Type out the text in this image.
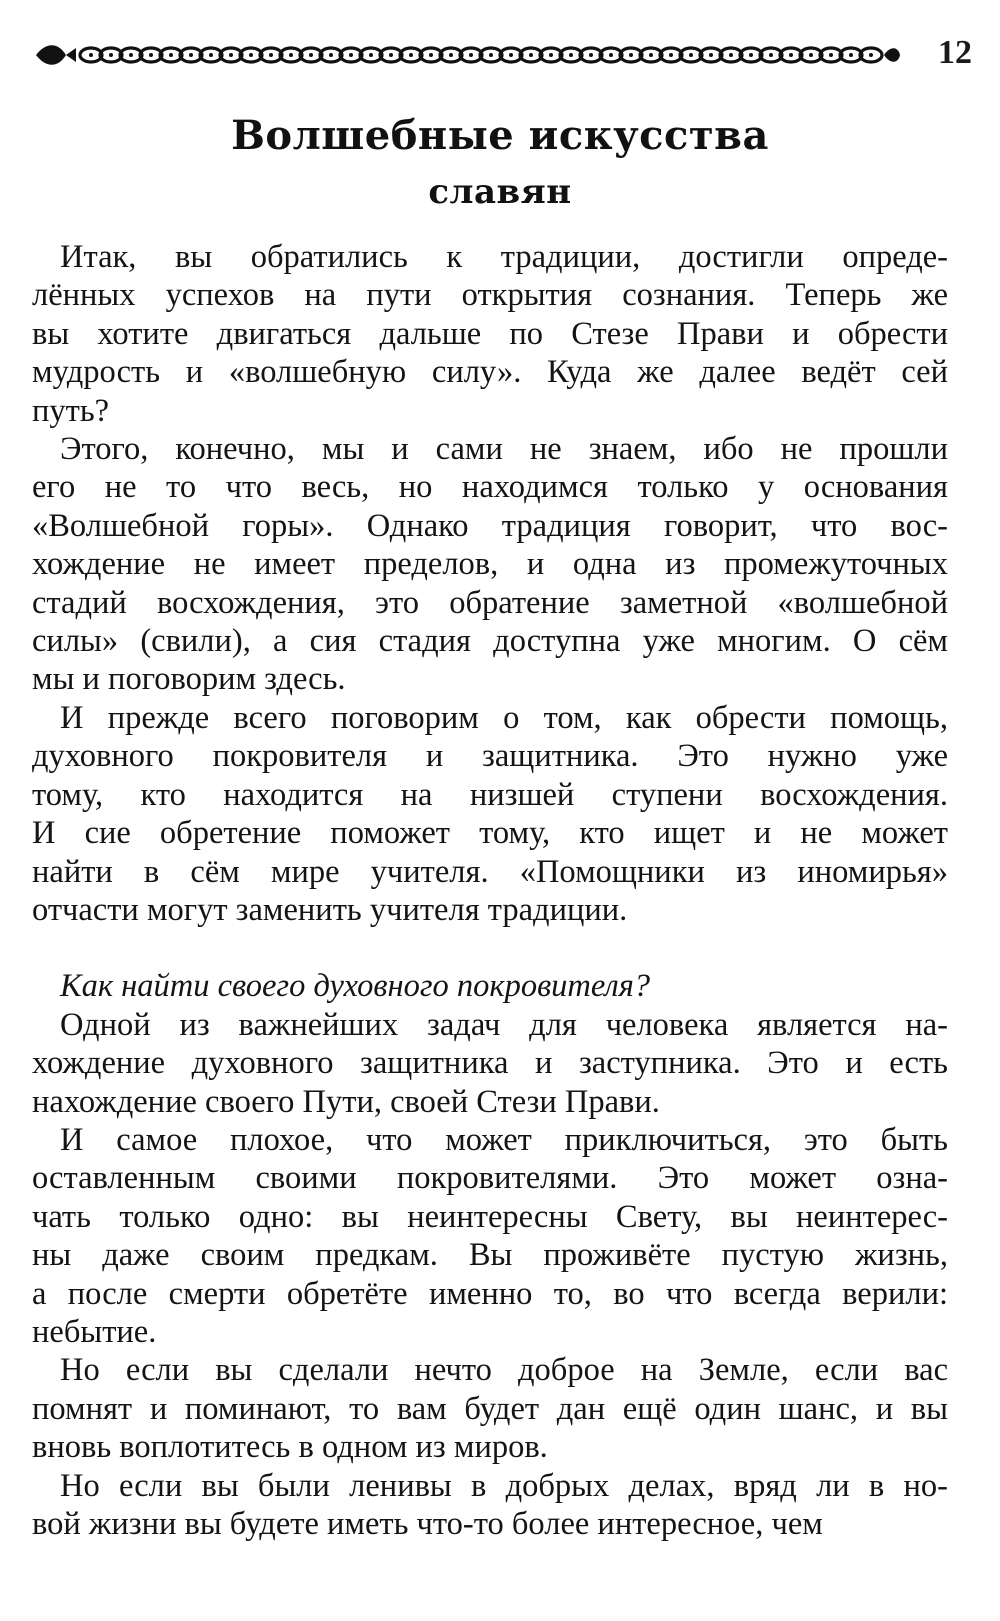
12
Волшебные искусства
славян
Итак, вы обратились к традиции, достигли опреде-
лённых успехов на пути открытия сознания. Теперь же
вы хотите двигаться дальше по Стезе Прави и обрести
мудрость и «волшебную силу». Куда же далее ведёт сей
путь?
Этого, конечно, мы и сами не знаем, ибо не прошли
его не то что весь, но находимся только у основания
«Волшебной горы». Однако традиция говорит, что вос-
хождение не имеет пределов, и одна из промежуточных
стадий восхождения, это обратение заметной «волшебной
силы» (свили), а сия стадия доступна уже многим. О сём
мы и поговорим здесь.
И прежде всего поговорим о том, как обрести помощь,
духовного покровителя и защитника. Это нужно уже
тому, кто находится на низшей ступени восхождения.
И сие обретение поможет тому, кто ищет и не может
найти в сём мире учителя. «Помощники из иномирья»
отчасти могут заменить учителя традиции.
Как найти своего духовного покровителя?
Одной из важнейших задач для человека является на-
хождение духовного защитника и заступника. Это и есть
нахождение своего Пути, своей Стези Прави.
И самое плохое, что может приключиться, это быть
оставленным своими покровителями. Это может озна-
чать только одно: вы неинтересны Свету, вы неинтерес-
ны даже своим предкам. Вы проживёте пустую жизнь,
а после смерти обретёте именно то, во что всегда верили:
небытие.
Но если вы сделали нечто доброе на Земле, если вас
помнят и поминают, то вам будет дан ещё один шанс, и вы
вновь воплотитесь в одном из миров.
Но если вы были ленивы в добрых делах, вряд ли в но-
вой жизни вы будете иметь что-то более интересное, чем
